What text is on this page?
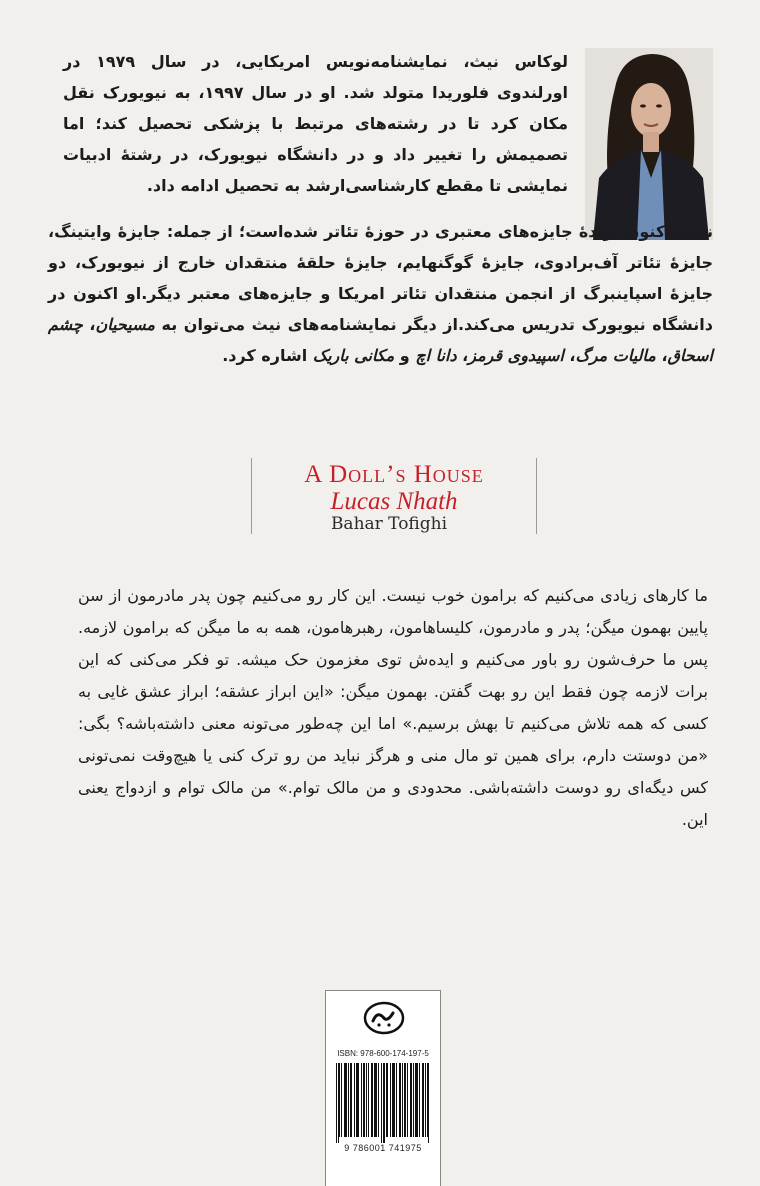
لوکاس نیث، نمایشنامه‌نویس امریکایی، در سال ۱۹۷۹ در اورلندوی فلوریدا متولد شد. او در سال ۱۹۹۷، به نیویورک نقل مکان کرد تا در رشته‌های مرتبط با پزشکی تحصیل کند؛ اما تصمیمش را تغییر داد و در دانشگاه نیویورک، در رشتهٔ ادبیات نمایشی تا مقطع کارشناسی‌ارشد به تحصیل ادامه داد.

نیث تاکنون برندهٔ جایزه‌های معتبری در حوزهٔ تئاتر شده‌است؛ از جمله: جایزهٔ وایتینگ، جایزهٔ تئاتر آف‌برادوی، جایزهٔ گوگنهایم، جایزهٔ حلقهٔ منتقدان خارج از نیویورک، دو جایزهٔ اسپاینبرگ از انجمن منتقدان تئاتر امریکا و جایزه‌های معتبر دیگر.او اکنون در دانشگاه نیویورک تدریس می‌کند.از دیگر نمایشنامه‌های نیث می‌توان به مسیحیان، چشم اسحاق، مالیات مرگ، اسپیدوی قرمز، دانا اچ و مکانی باریک اشاره کرد.

A Doll’s House
Lucas Nhath
Bahar Tofighi

ما کارهای زیادی می‌کنیم که برامون خوب نیست. این کار رو می‌کنیم چون پدر مادرمون از سن پایین بهمون میگن؛ پدر و مادرمون، کلیساهامون، رهبرهامون، همه به ما میگن که برامون لازمه. پس ما حرف‌شون رو باور می‌کنیم و ایده‌ش توی مغزمون حک میشه. تو فکر می‌کنی که این برات لازمه چون فقط این رو بهت گفتن. بهمون میگن: «این ابراز عشقه؛ ابراز عشق غایی به کسی که همه تلاش می‌کنیم تا بهش برسیم.» اما این چه‌طور می‌تونه معنی داشته‌باشه؟ بگی: «من دوستت دارم، برای همین تو مال منی و هرگز نباید من رو ترک کنی یا هیچ‌وقت نمی‌تونی کس دیگه‌ای رو دوست داشته‌باشی. محدودی و من مالک توام.» من مالک توام و ازدواج یعنی این.

ISBN: 978-600-174-197-5
9 786001 741975
